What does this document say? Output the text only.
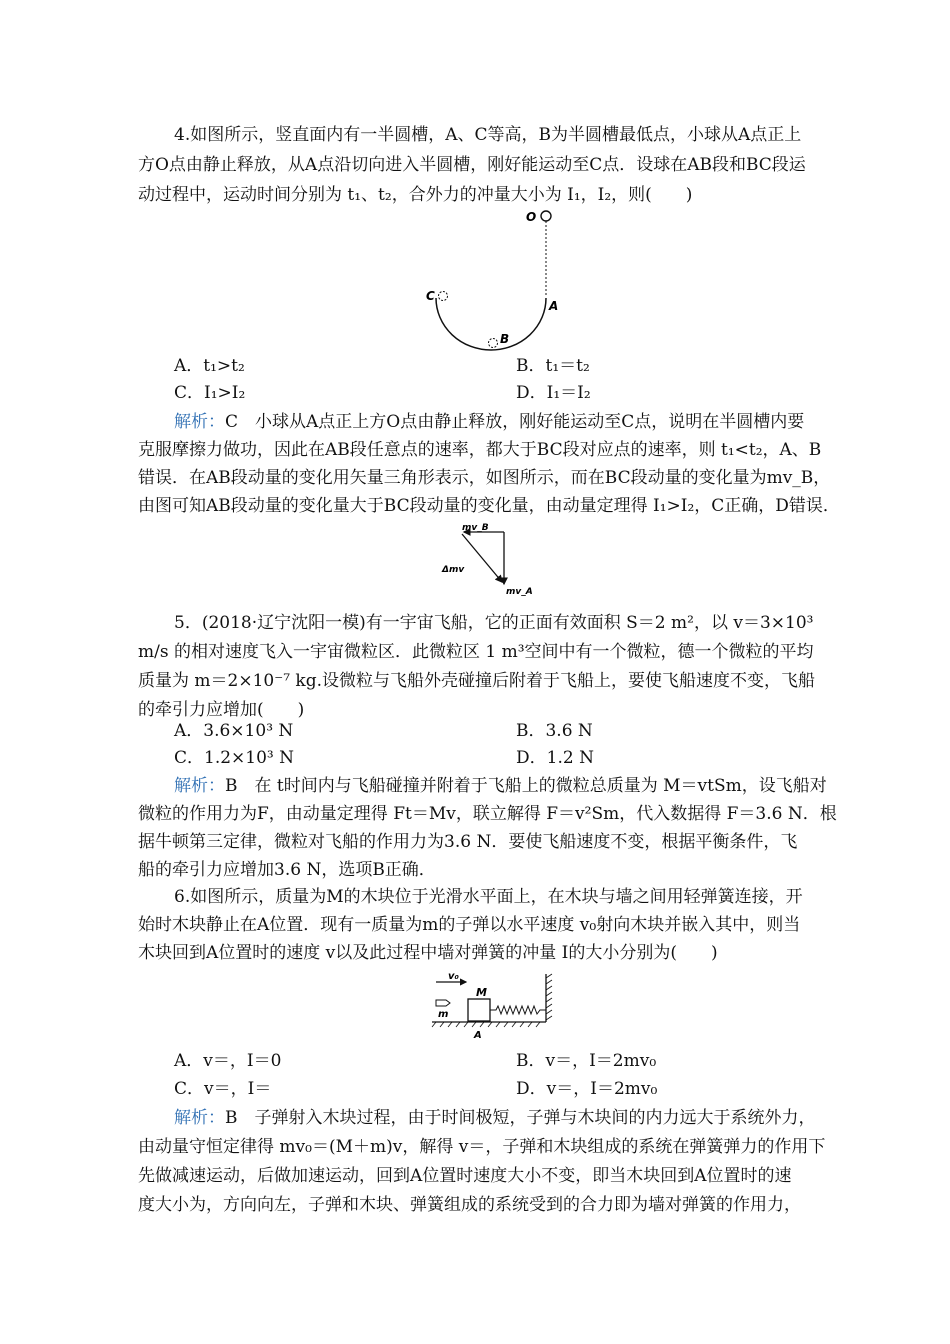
4.如图所示，竖直面内有一半圆槽，A、C等高，B为半圆槽最低点，小球从A点正上
方O点由静止释放，从A点沿切向进入半圆槽，刚好能运动至C点．设球在AB段和BC段运
动过程中，运动时间分别为 t₁、t₂，合外力的冲量大小为 I₁，I₂，则(　　)
O
C
A
B
A．t₁>t₂	B．t₁＝t₂
C．I₁>I₂	D．I₁＝I₂
解析：C　小球从A点正上方O点由静止释放，刚好能运动至C点，说明在半圆槽内要
克服摩擦力做功，因此在AB段任意点的速率，都大于BC段对应点的速率，则 t₁<t₂，A、B
错误．在AB段动量的变化用矢量三角形表示，如图所示，而在BC段动量的变化量为mv_B，
由图可知AB段动量的变化量大于BC段动量的变化量，由动量定理得 I₁>I₂，C正确，D错误．
mv_B
Δmv
mv_A
5．(2018·辽宁沈阳一模)有一宇宙飞船，它的正面有效面积 S＝2 m²，以 v＝3×10³
m/s 的相对速度飞入一宇宙微粒区．此微粒区 1 m³空间中有一个微粒，德一个微粒的平均
质量为 m＝2×10⁻⁷ kg.设微粒与飞船外壳碰撞后附着于飞船上，要使飞船速度不变，飞船
的牵引力应增加(　　)
A．3.6×10³ N	B．3.6 N
C．1.2×10³ N	D．1.2 N
解析：B　在 t时间内与飞船碰撞并附着于飞船上的微粒总质量为 M＝vtSm，设飞船对
微粒的作用力为F，由动量定理得 Ft＝Mv，联立解得 F＝v²Sm，代入数据得 F＝3.6 N．根
据牛顿第三定律，微粒对飞船的作用力为3.6 N．要使飞船速度不变，根据平衡条件，飞
船的牵引力应增加3.6 N，选项B正确．
6.如图所示，质量为M的木块位于光滑水平面上，在木块与墙之间用轻弹簧连接，开
始时木块静止在A位置．现有一质量为m的子弹以水平速度 v₀射向木块并嵌入其中，则当
木块回到A位置时的速度 v以及此过程中墙对弹簧的冲量 I的大小分别为(　　)
v₀
m
M
A
A．v＝，I＝0	B．v＝，I＝2mv₀
C．v＝，I＝	D．v＝，I＝2mv₀
解析：B　子弹射入木块过程，由于时间极短，子弹与木块间的内力远大于系统外力，
由动量守恒定律得 mv₀＝(M＋m)v，解得 v＝，子弹和木块组成的系统在弹簧弹力的作用下
先做减速运动，后做加速运动，回到A位置时速度大小不变，即当木块回到A位置时的速
度大小为，方向向左，子弹和木块、弹簧组成的系统受到的合力即为墙对弹簧的作用力，
